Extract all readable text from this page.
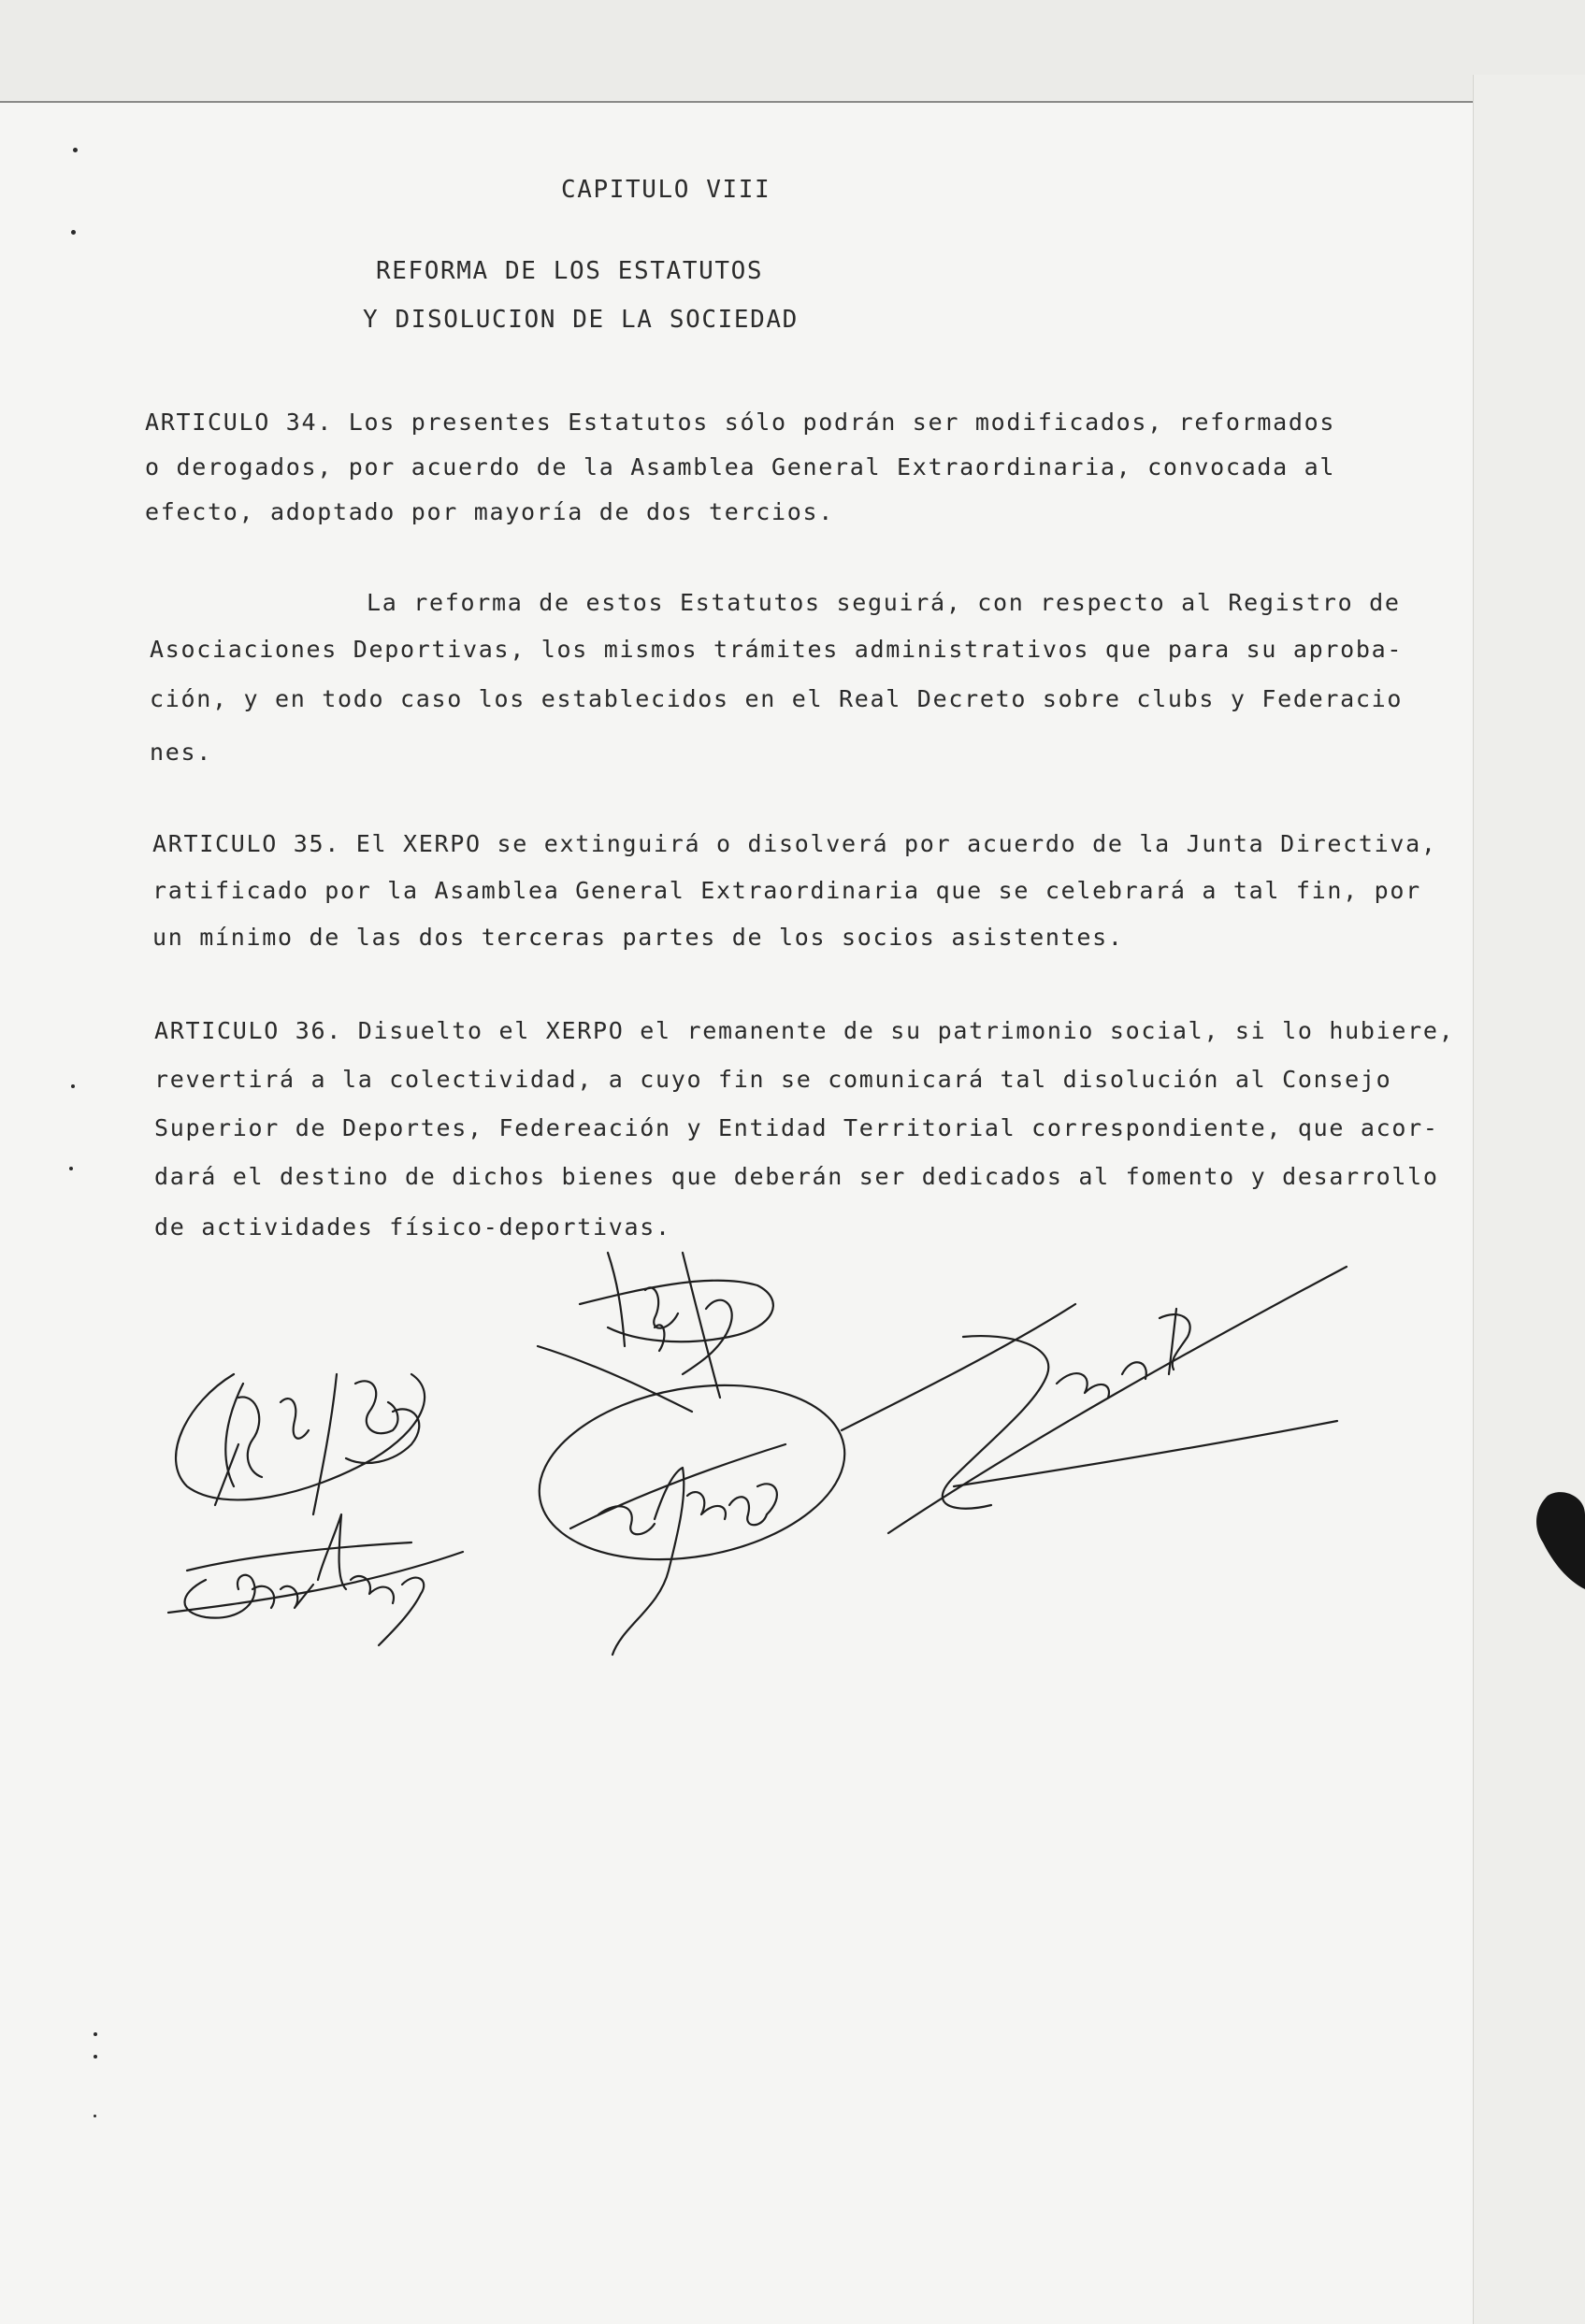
CAPITULO VIII
REFORMA DE LOS ESTATUTOS
Y DISOLUCION DE LA SOCIEDAD
ARTICULO 34. Los presentes Estatutos sólo podrán ser modificados, reformados
o derogados, por acuerdo de la Asamblea General Extraordinaria, convocada al
efecto, adoptado por mayoría de dos tercios.
La reforma de estos Estatutos seguirá, con respecto al Registro de
Asociaciones Deportivas, los mismos trámites administrativos que para su aproba-
ción, y en todo caso los establecidos en el Real Decreto sobre clubs y Federacio
nes.
ARTICULO 35. El XERPO se extinguirá o disolverá por acuerdo de la Junta Directiva,
ratificado por la Asamblea General Extraordinaria que se celebrará a tal fin, por
un mínimo de las dos terceras partes de los socios asistentes.
ARTICULO 36. Disuelto el XERPO el remanente de su patrimonio social, si lo hubiere,
revertirá a la colectividad, a cuyo fin se comunicará tal disolución al Consejo
Superior de Deportes, Federeación y Entidad Territorial correspondiente, que acor-
dará el destino de dichos bienes que deberán ser dedicados al fomento y desarrollo
de actividades físico-deportivas.
